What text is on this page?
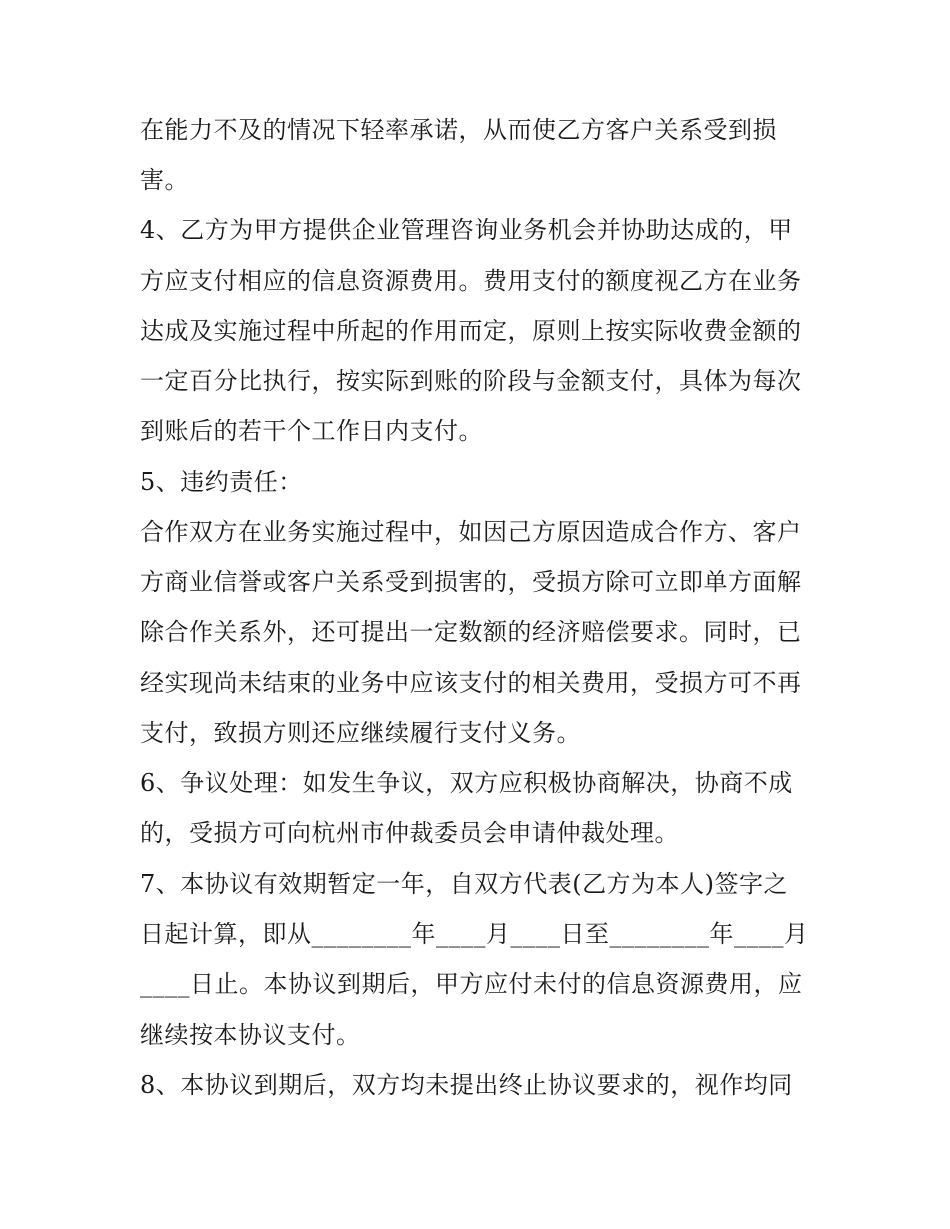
在能力不及的情况下轻率承诺，从而使乙方客户关系受到损
害。
4、乙方为甲方提供企业管理咨询业务机会并协助达成的，甲
方应支付相应的信息资源费用。费用支付的额度视乙方在业务
达成及实施过程中所起的作用而定，原则上按实际收费金额的
一定百分比执行，按实际到账的阶段与金额支付，具体为每次
到账后的若干个工作日内支付。
5、违约责任：
合作双方在业务实施过程中，如因己方原因造成合作方、客户
方商业信誉或客户关系受到损害的，受损方除可立即单方面解
除合作关系外，还可提出一定数额的经济赔偿要求。同时，已
经实现尚未结束的业务中应该支付的相关费用，受损方可不再
支付，致损方则还应继续履行支付义务。
6、争议处理：如发生争议，双方应积极协商解决，协商不成
的，受损方可向杭州市仲裁委员会申请仲裁处理。
7、本协议有效期暂定一年，自双方代表(乙方为本人)签字之
日起计算，即从________年____月____日至________年____月
____日止。本协议到期后，甲方应付未付的信息资源费用，应
继续按本协议支付。
8、本协议到期后，双方均未提出终止协议要求的，视作均同
